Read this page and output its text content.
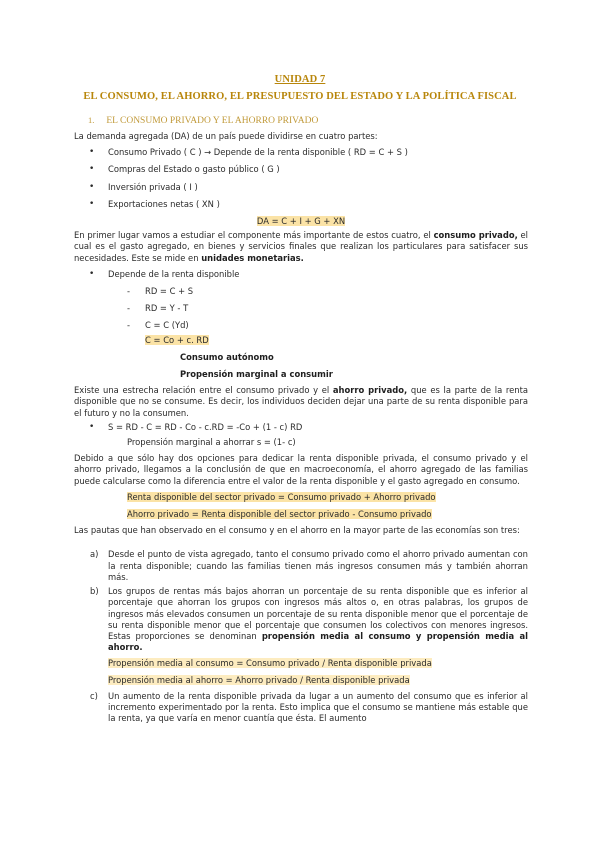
UNIDAD 7
EL CONSUMO, EL AHORRO, EL PRESUPUESTO DEL ESTADO Y LA POLÍTICA FISCAL
1. EL CONSUMO PRIVADO Y EL AHORRO PRIVADO

La demanda agregada (DA) de un país puede dividirse en cuatro partes:

• Consumo Privado ( C ) → Depende de la renta disponible ( RD = C + S )

• Compras del Estado o gasto público ( G )

• Inversión privada ( I )

• Exportaciones netas ( XN )

DA = C + I + G + XN

En primer lugar vamos a estudiar el componente más importante de estos cuatro, el consumo privado, el cual es el gasto agregado, en bienes y servicios finales que realizan los particulares para satisfacer sus necesidades. Este se mide en unidades monetarias.

• Depende de la renta disponible

- RD = C + S

- RD = Y - T

- C = C (Yd)

C = Co + c. RD

Consumo autónomo

Propensión marginal a consumir

Existe una estrecha relación entre el consumo privado y el ahorro privado, que es la parte de la renta disponible que no se consume. Es decir, los individuos deciden dejar una parte de su renta disponible para el futuro y no la consumen.

• S = RD - C = RD - Co - c.RD = -Co + (1 - c) RD

Propensión marginal a ahorrar s = (1- c)

Debido a que sólo hay dos opciones para dedicar la renta disponible privada, el consumo privado y el ahorro privado, llegamos a la conclusión de que en macroeconomía, el ahorro agregado de las familias puede calcularse como la diferencia entre el valor de la renta disponible y el gasto agregado en consumo.

Renta disponible del sector privado = Consumo privado + Ahorro privado

Ahorro privado = Renta disponible del sector privado - Consumo privado

Las pautas que han observado en el consumo y en el ahorro en la mayor parte de las economías son tres:

a) Desde el punto de vista agregado, tanto el consumo privado como el ahorro privado aumentan con la renta disponible; cuando las familias tienen más ingresos consumen más y también ahorran más.

b) Los grupos de rentas más bajos ahorran un porcentaje de su renta disponible que es inferior al porcentaje que ahorran los grupos con ingresos más altos o, en otras palabras, los grupos de ingresos más elevados consumen un porcentaje de su renta disponible menor que el porcentaje de su renta disponible menor que el porcentaje que consumen los colectivos con menores ingresos. Estas proporciones se denominan propensión media al consumo y propensión media al ahorro.

Propensión media al consumo = Consumo privado / Renta disponible privada

Propensión media al ahorro = Ahorro privado / Renta disponible privada

c) Un aumento de la renta disponible privada da lugar a un aumento del consumo que es inferior al incremento experimentado por la renta. Esto implica que el consumo se mantiene más estable que la renta, ya que varía en menor cuantía que ésta. El aumento
